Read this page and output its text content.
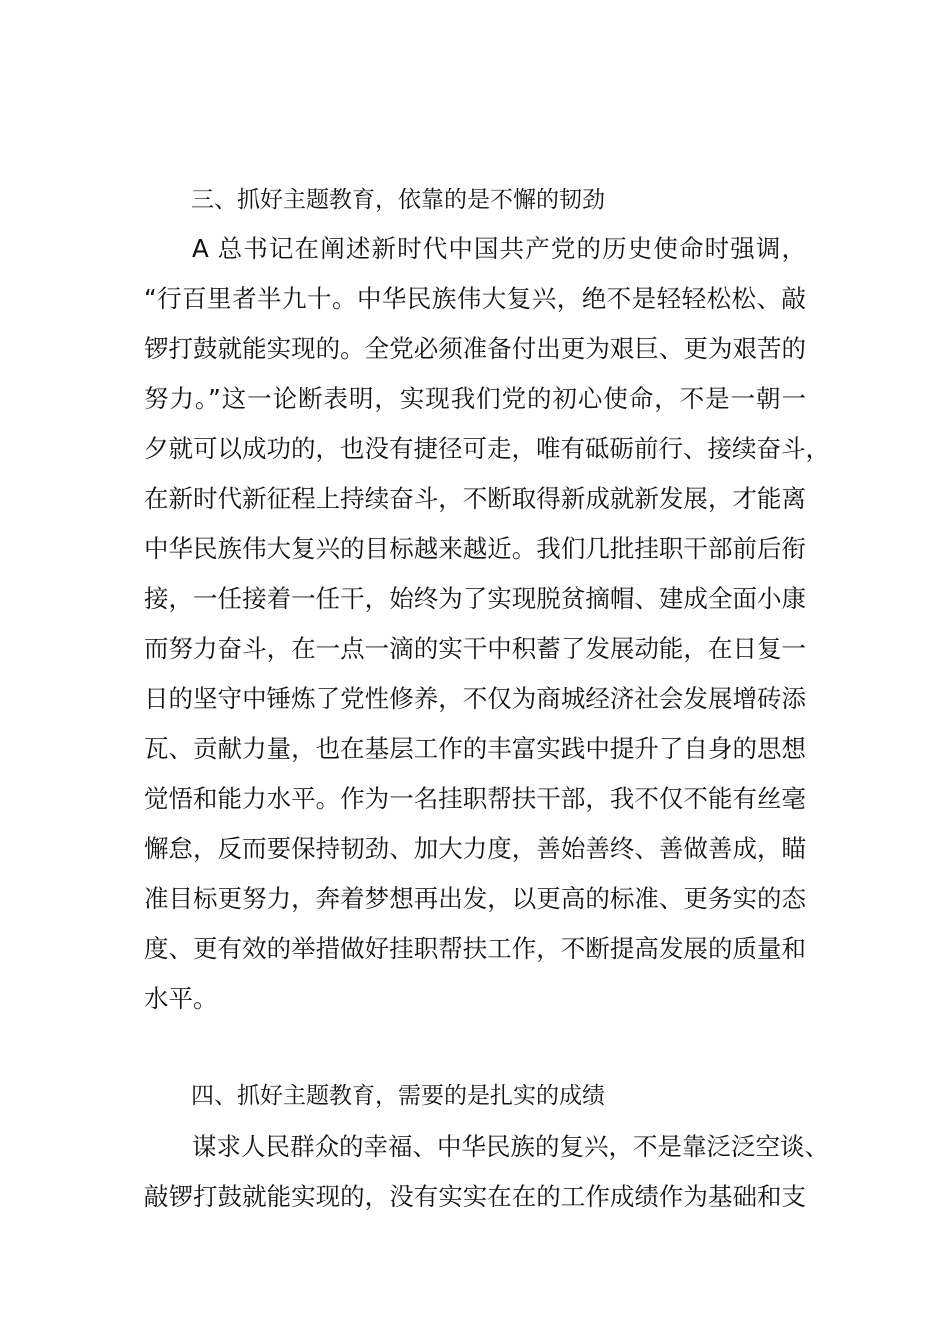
三、抓好主题教育，依靠的是不懈的韧劲
A 总书记在阐述新时代中国共产党的历史使命时强调，
“行百里者半九十。中华民族伟大复兴，绝不是轻轻松松、敲
锣打鼓就能实现的。全党必须准备付出更为艰巨、更为艰苦的
努力。”这一论断表明，实现我们党的初心使命，不是一朝一
夕就可以成功的，也没有捷径可走，唯有砥砺前行、接续奋斗，
在新时代新征程上持续奋斗，不断取得新成就新发展，才能离
中华民族伟大复兴的目标越来越近。我们几批挂职干部前后衔
接，一任接着一任干，始终为了实现脱贫摘帽、建成全面小康
而努力奋斗，在一点一滴的实干中积蓄了发展动能，在日复一
日的坚守中锤炼了党性修养，不仅为商城经济社会发展增砖添
瓦、贡献力量，也在基层工作的丰富实践中提升了自身的思想
觉悟和能力水平。作为一名挂职帮扶干部，我不仅不能有丝毫
懈怠，反而要保持韧劲、加大力度，善始善终、善做善成，瞄
准目标更努力，奔着梦想再出发，以更高的标准、更务实的态
度、更有效的举措做好挂职帮扶工作，不断提高发展的质量和
水平。
四、抓好主题教育，需要的是扎实的成绩
谋求人民群众的幸福、中华民族的复兴，不是靠泛泛空谈、
敲锣打鼓就能实现的，没有实实在在的工作成绩作为基础和支
